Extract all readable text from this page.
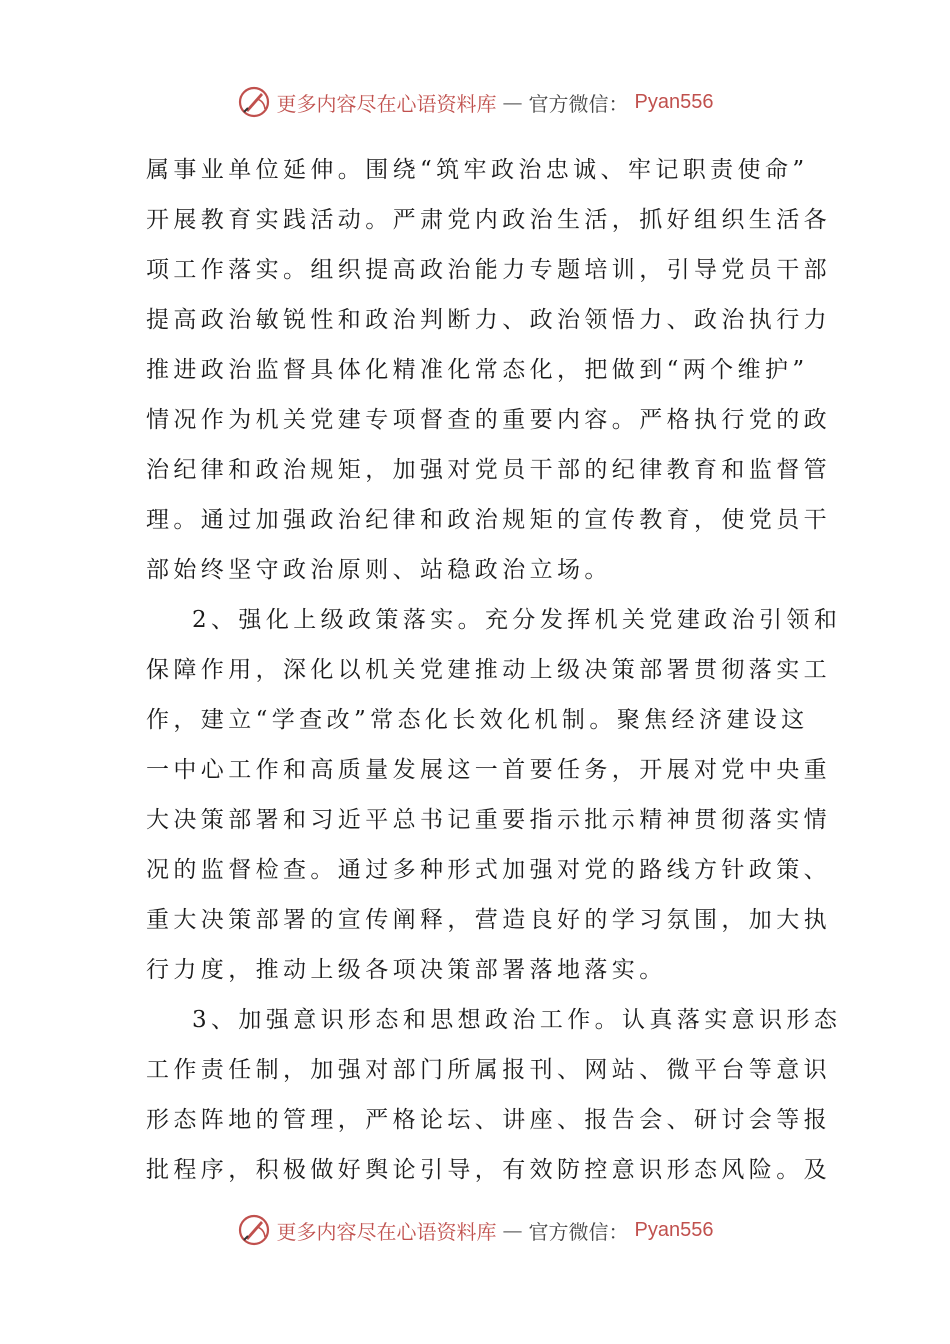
更多内容尽在心语资料库 — 官方微信： Pyan556
属事业单位延伸。围绕“筑牢政治忠诚、牢记职责使命”
开展教育实践活动。严肃党内政治生活，抓好组织生活各
项工作落实。组织提高政治能力专题培训，引导党员干部
提高政治敏锐性和政治判断力、政治领悟力、政治执行力
推进政治监督具体化精准化常态化，把做到“两个维护”
情况作为机关党建专项督查的重要内容。严格执行党的政
治纪律和政治规矩，加强对党员干部的纪律教育和监督管
理。通过加强政治纪律和政治规矩的宣传教育，使党员干
部始终坚守政治原则、站稳政治立场。
2、强化上级政策落实。充分发挥机关党建政治引领和
保障作用，深化以机关党建推动上级决策部署贯彻落实工
作，建立“学查改”常态化长效化机制。聚焦经济建设这
一中心工作和高质量发展这一首要任务，开展对党中央重
大决策部署和习近平总书记重要指示批示精神贯彻落实情
况的监督检查。通过多种形式加强对党的路线方针政策、
重大决策部署的宣传阐释，营造良好的学习氛围，加大执
行力度，推动上级各项决策部署落地落实。
3、加强意识形态和思想政治工作。认真落实意识形态
工作责任制，加强对部门所属报刊、网站、微平台等意识
形态阵地的管理，严格论坛、讲座、报告会、研讨会等报
批程序，积极做好舆论引导，有效防控意识形态风险。及
更多内容尽在心语资料库 — 官方微信： Pyan556
